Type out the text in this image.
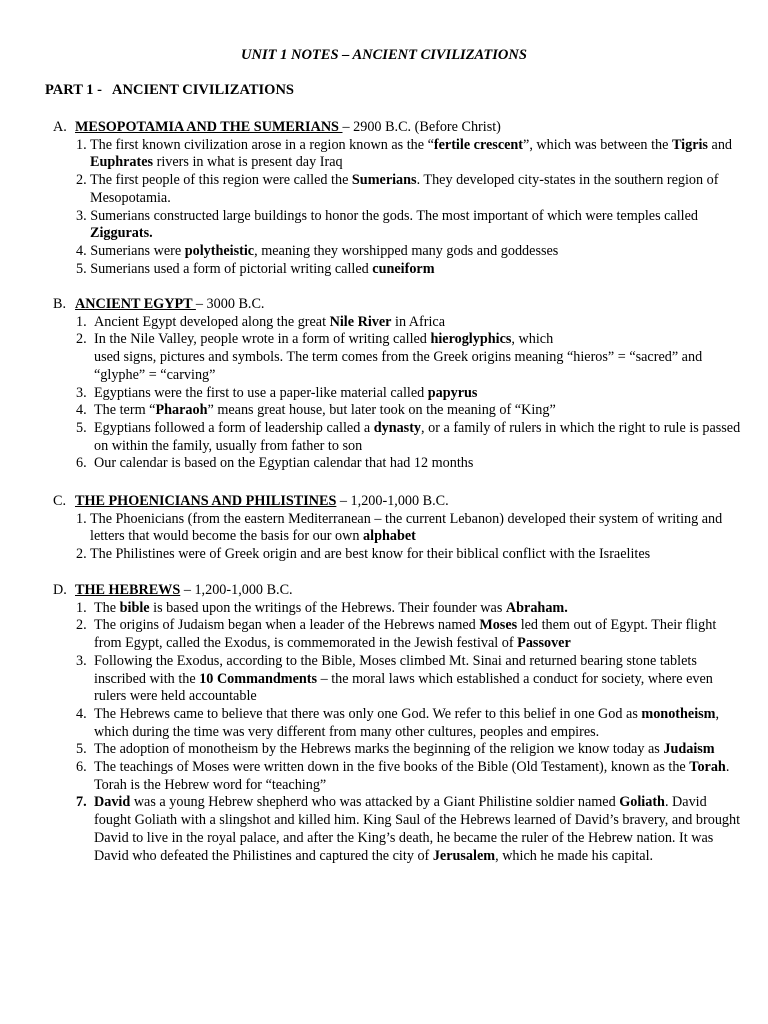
UNIT 1 NOTES – ANCIENT CIVILIZATIONS
PART 1 -   ANCIENT CIVILIZATIONS
A. MESOPOTAMIA AND THE SUMERIANS – 2900 B.C. (Before Christ)
1. The first known civilization arose in a region known as the “fertile crescent”, which was between the Tigris and Euphrates rivers in what is present day Iraq
2. The first people of this region were called the Sumerians. They developed city-states in the southern region of Mesopotamia.
3. Sumerians constructed large buildings to honor the gods. The most important of which were temples called Ziggurats.
4. Sumerians were polytheistic, meaning they worshipped many gods and goddesses
5. Sumerians used a form of pictorial writing called cuneiform
B. ANCIENT EGYPT – 3000 B.C.
1. Ancient Egypt developed along the great Nile River in Africa
2. In the Nile Valley, people wrote in a form of writing called hieroglyphics, which
used signs, pictures and symbols. The term comes from the Greek origins meaning “hieros” = “sacred” and “glyphe” = “carving”
3. Egyptians were the first to use a paper-like material called papyrus
4. The term “Pharaoh” means great house, but later took on the meaning of “King”
5. Egyptians followed a form of leadership called a dynasty, or a family of rulers in which the right to rule is passed on within the family, usually from father to son
6. Our calendar is based on the Egyptian calendar that had 12 months
C. THE PHOENICIANS AND PHILISTINES – 1,200-1,000 B.C.
1. The Phoenicians (from the eastern Mediterranean – the current Lebanon) developed their system of writing and letters that would become the basis for our own alphabet
2. The Philistines were of Greek origin and are best know for their biblical conflict with the Israelites
D. THE HEBREWS – 1,200-1,000 B.C.
1. The bible is based upon the writings of the Hebrews. Their founder was Abraham.
2. The origins of Judaism began when a leader of the Hebrews named Moses led them out of Egypt. Their flight from Egypt, called the Exodus, is commemorated in the Jewish festival of Passover
3. Following the Exodus, according to the Bible, Moses climbed Mt. Sinai and returned bearing stone tablets inscribed with the 10 Commandments – the moral laws which established a conduct for society, where even rulers were held accountable
4. The Hebrews came to believe that there was only one God. We refer to this belief in one God as monotheism, which during the time was very different from many other cultures, peoples and empires.
5. The adoption of monotheism by the Hebrews marks the beginning of the religion we know today as Judaism
6. The teachings of Moses were written down in the five books of the Bible (Old Testament), known as the Torah. Torah is the Hebrew word for “teaching”
7. David was a young Hebrew shepherd who was attacked by a Giant Philistine soldier named Goliath. David fought Goliath with a slingshot and killed him. King Saul of the Hebrews learned of David’s bravery, and brought David to live in the royal palace, and after the King’s death, he became the ruler of the Hebrew nation. It was David who defeated the Philistines and captured the city of Jerusalem, which he made his capital.
